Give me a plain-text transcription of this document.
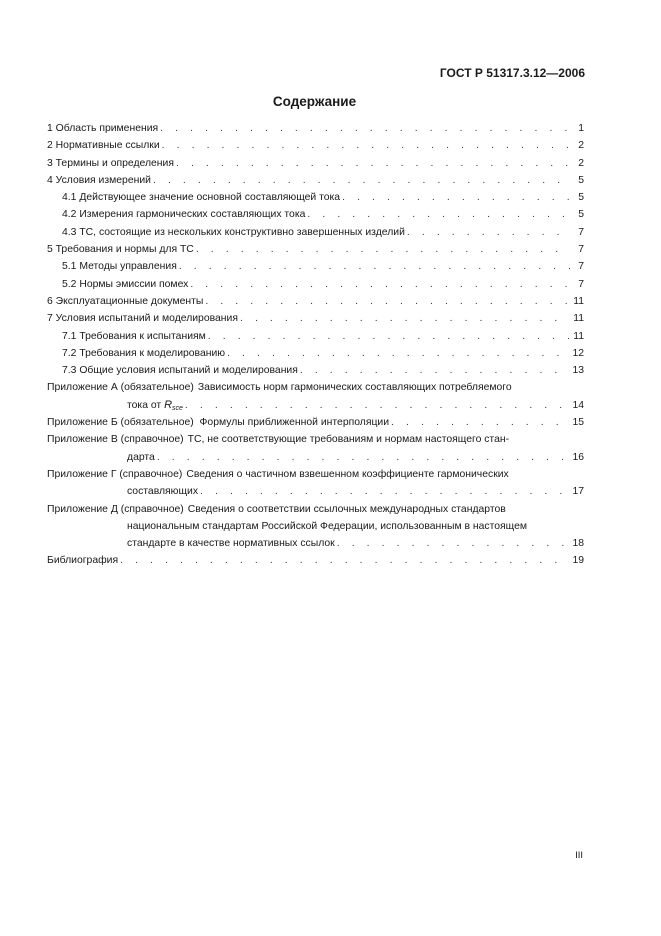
ГОСТ Р 51317.3.12—2006
Содержание
1 Область применения . . .	1
2 Нормативные ссылки . . .	2
3 Термины и определения . . .	2
4 Условия измерений . . .	5
4.1 Действующее значение основной составляющей тока . . .	5
4.2 Измерения гармонических составляющих тока . . .	5
4.3 ТС, состоящие из нескольких конструктивно завершенных изделий . . .	7
5 Требования и нормы для ТС . . .	7
5.1 Методы управления . . .	7
5.2 Нормы эмиссии помех . . .	7
6 Эксплуатационные документы . . .	11
7 Условия испытаний и моделирования . . .	11
7.1 Требования к испытаниям . . .	11
7.2 Требования к моделированию . . .	12
7.3 Общие условия испытаний и моделирования . . .	13
Приложение А (обязательное) Зависимость норм гармонических составляющих потребляемого
тока от $R_{sce}$ . . .	14
Приложение Б (обязательное) Формулы приближенной интерполяции . . .	15
Приложение В (справочное) ТС, не соответствующие требованиям и нормам настоящего стан-
дарта . . .	16
Приложение Г (справочное) Сведения о частичном взвешенном коэффициенте гармонических
составляющих . . .	17
Приложение Д (справочное) Сведения о соответствии ссылочных международных стандартов
национальным стандартам Российской Федерации, использованным в настоящем
стандарте в качестве нормативных ссылок . . .	18
Библиография . . .	19
III
